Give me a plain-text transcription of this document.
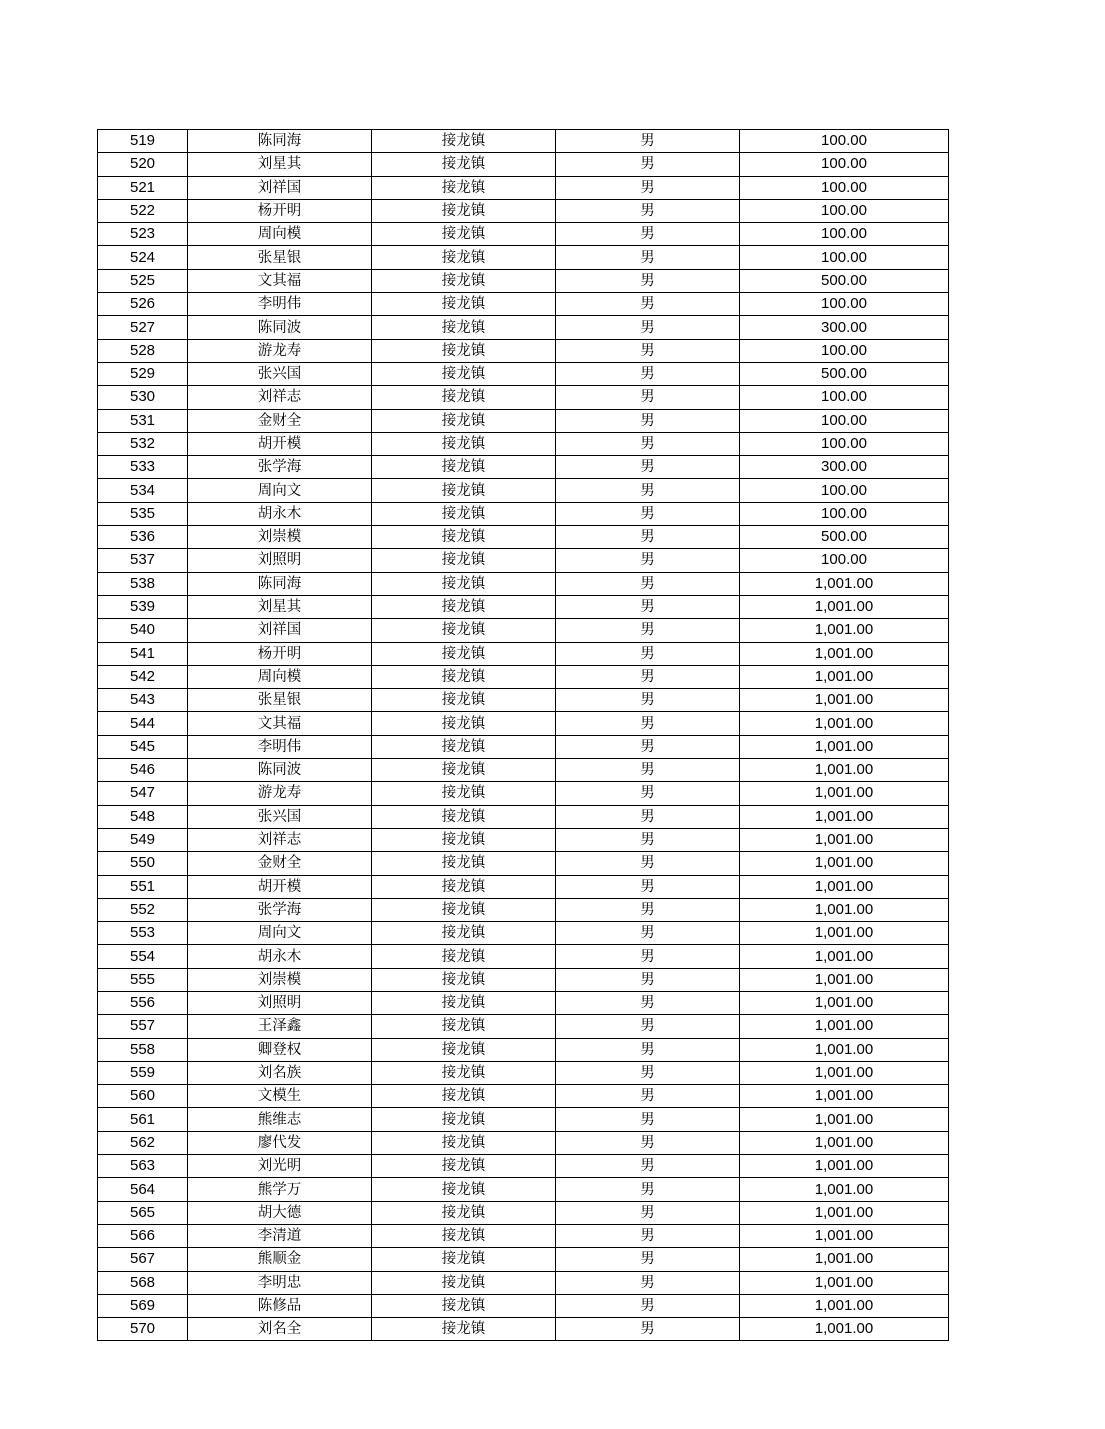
519	陈同海	接龙镇	男	100.00
520	刘星其	接龙镇	男	100.00
521	刘祥国	接龙镇	男	100.00
522	杨开明	接龙镇	男	100.00
523	周向模	接龙镇	男	100.00
524	张星银	接龙镇	男	100.00
525	文其福	接龙镇	男	500.00
526	李明伟	接龙镇	男	100.00
527	陈同波	接龙镇	男	300.00
528	游龙寿	接龙镇	男	100.00
529	张兴国	接龙镇	男	500.00
530	刘祥志	接龙镇	男	100.00
531	金财全	接龙镇	男	100.00
532	胡开模	接龙镇	男	100.00
533	张学海	接龙镇	男	300.00
534	周向文	接龙镇	男	100.00
535	胡永木	接龙镇	男	100.00
536	刘崇模	接龙镇	男	500.00
537	刘照明	接龙镇	男	100.00
538	陈同海	接龙镇	男	1,001.00
539	刘星其	接龙镇	男	1,001.00
540	刘祥国	接龙镇	男	1,001.00
541	杨开明	接龙镇	男	1,001.00
542	周向模	接龙镇	男	1,001.00
543	张星银	接龙镇	男	1,001.00
544	文其福	接龙镇	男	1,001.00
545	李明伟	接龙镇	男	1,001.00
546	陈同波	接龙镇	男	1,001.00
547	游龙寿	接龙镇	男	1,001.00
548	张兴国	接龙镇	男	1,001.00
549	刘祥志	接龙镇	男	1,001.00
550	金财全	接龙镇	男	1,001.00
551	胡开模	接龙镇	男	1,001.00
552	张学海	接龙镇	男	1,001.00
553	周向文	接龙镇	男	1,001.00
554	胡永木	接龙镇	男	1,001.00
555	刘崇模	接龙镇	男	1,001.00
556	刘照明	接龙镇	男	1,001.00
557	王泽鑫	接龙镇	男	1,001.00
558	卿登权	接龙镇	男	1,001.00
559	刘名族	接龙镇	男	1,001.00
560	文模生	接龙镇	男	1,001.00
561	熊维志	接龙镇	男	1,001.00
562	廖代发	接龙镇	男	1,001.00
563	刘光明	接龙镇	男	1,001.00
564	熊学万	接龙镇	男	1,001.00
565	胡大德	接龙镇	男	1,001.00
566	李清道	接龙镇	男	1,001.00
567	熊顺金	接龙镇	男	1,001.00
568	李明忠	接龙镇	男	1,001.00
569	陈修品	接龙镇	男	1,001.00
570	刘名全	接龙镇	男	1,001.00
